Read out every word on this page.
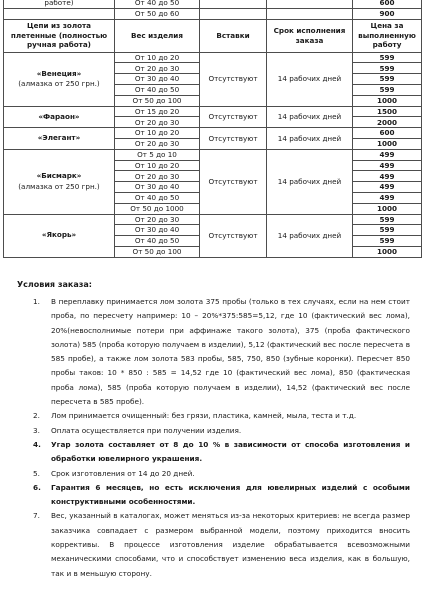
работе)	От 40 до 50			600
	От 50 до 60			900
Цепи из золота плетенные (полностью ручная работа)	Вес изделия	Вставки	Срок исполнения заказа	Цена за выполненную работу

«Венеция»
(алмазка от 250 грн.)	От 10 до 20	Отсутствуют	14 рабочих дней	599
	От 20 до 30			599
	От 30 до 40			599
	От 40 до 50			599
	От 50 до 100			1000

«Фараон»	От 15 до 20	Отсутствуют	14 рабочих дней	1500
	От 20 до 30			2000

«Элегант»	От 10 до 20	Отсутствуют	14 рабочих дней	600
	От 20 до 30			1000

«Бисмарк»
(алмазка от 250 грн.)	От 5 до 10	Отсутствуют	14 рабочих дней	499
	От 10 до 20			499
	От 20 до 30			499
	От 30 до 40			499
	От 40 до 50			499
	От 50 до 1000			1000

«Якорь»	От 20 до 30	Отсутствуют	14 рабочих дней	599
	От 30 до 40			599
	От 40 до 50			599
	От 50 до 100			1000
Условия заказа:
1. В переплавку принимается лом золота 375 пробы (только в тех случаях, если на нем стоит проба, по пересчету например: 10 – 20%*375:585=5,12, где 10 (фактический вес лома), 20%(невосполнимые потери при аффинаже такого золота), 375 (проба фактического золота) 585 (проба которую получаем в изделии), 5,12 (фактический вес после пересчета в 585 пробе), а также лом золота 583 пробы, 585, 750, 850 (зубные коронки). Пересчет 850 пробы таков: 10 * 850 : 585 = 14,52 где 10 (фактический вес лома), 850 (фактическая проба лома), 585 (проба которую получаем в изделии), 14,52 (фактический вес после пересчета в 585 пробе).
2. Лом принимается очищенный: без грязи, пластика, камней, мыла, теста и т.д.
3. Оплата осуществляется при получении изделия.
4. Угар золота составляет от 8 до 10 % в зависимости от способа изготовления и обработки ювелирного украшения.
5. Срок изготовления от 14 до 20 дней.
6. Гарантия 6 месяцев, но есть исключения для ювелирных изделий с особыми конструктивными особенностями.
7. Вес, указанный в каталогах, может меняться из-за некоторых критериев: не всегда размер заказчика совпадает с размером выбранной модели, поэтому приходится вносить коррективы. В процессе изготовления изделие обрабатывается всевозможными механическими способами, что и способствует изменению веса изделия, как в большую, так и в меньшую сторону.
